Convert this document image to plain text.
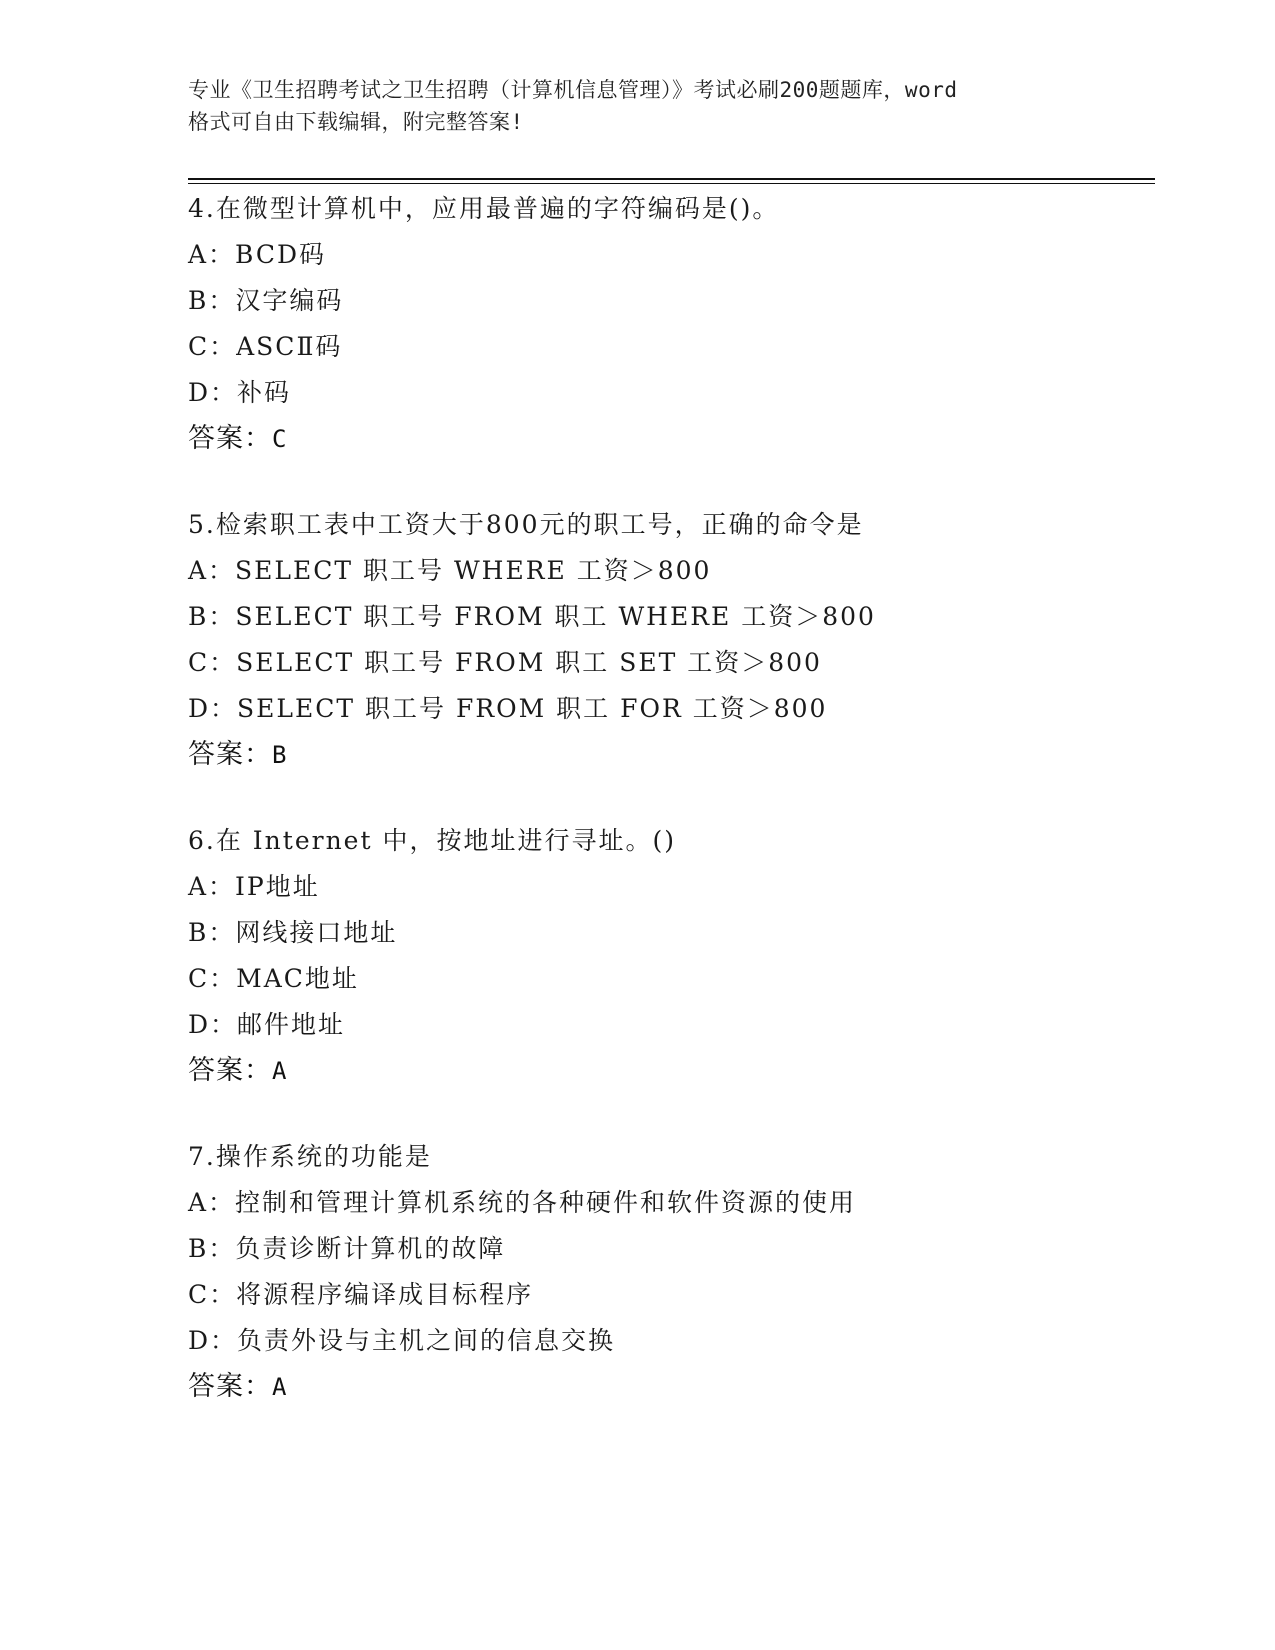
专业《卫生招聘考试之卫生招聘（计算机信息管理）》考试必刷200题题库，word
格式可自由下载编辑，附完整答案!
4.在微型计算机中，应用最普遍的字符编码是()。
A：BCD码
B：汉字编码
C：ASCⅡ码
D：补码
答案：C
5.检索职工表中工资大于800元的职工号，正确的命令是
A：SELECT 职工号 WHERE 工资＞800
B：SELECT 职工号 FROM 职工 WHERE 工资＞800
C：SELECT 职工号 FROM 职工 SET 工资＞800
D：SELECT 职工号 FROM 职工 FOR 工资＞800
答案：B
6.在 Internet 中，按地址进行寻址。()
A：IP地址
B：网线接口地址
C：MAC地址
D：邮件地址
答案：A
7.操作系统的功能是
A：控制和管理计算机系统的各种硬件和软件资源的使用
B：负责诊断计算机的故障
C：将源程序编译成目标程序
D：负责外设与主机之间的信息交换
答案：A
